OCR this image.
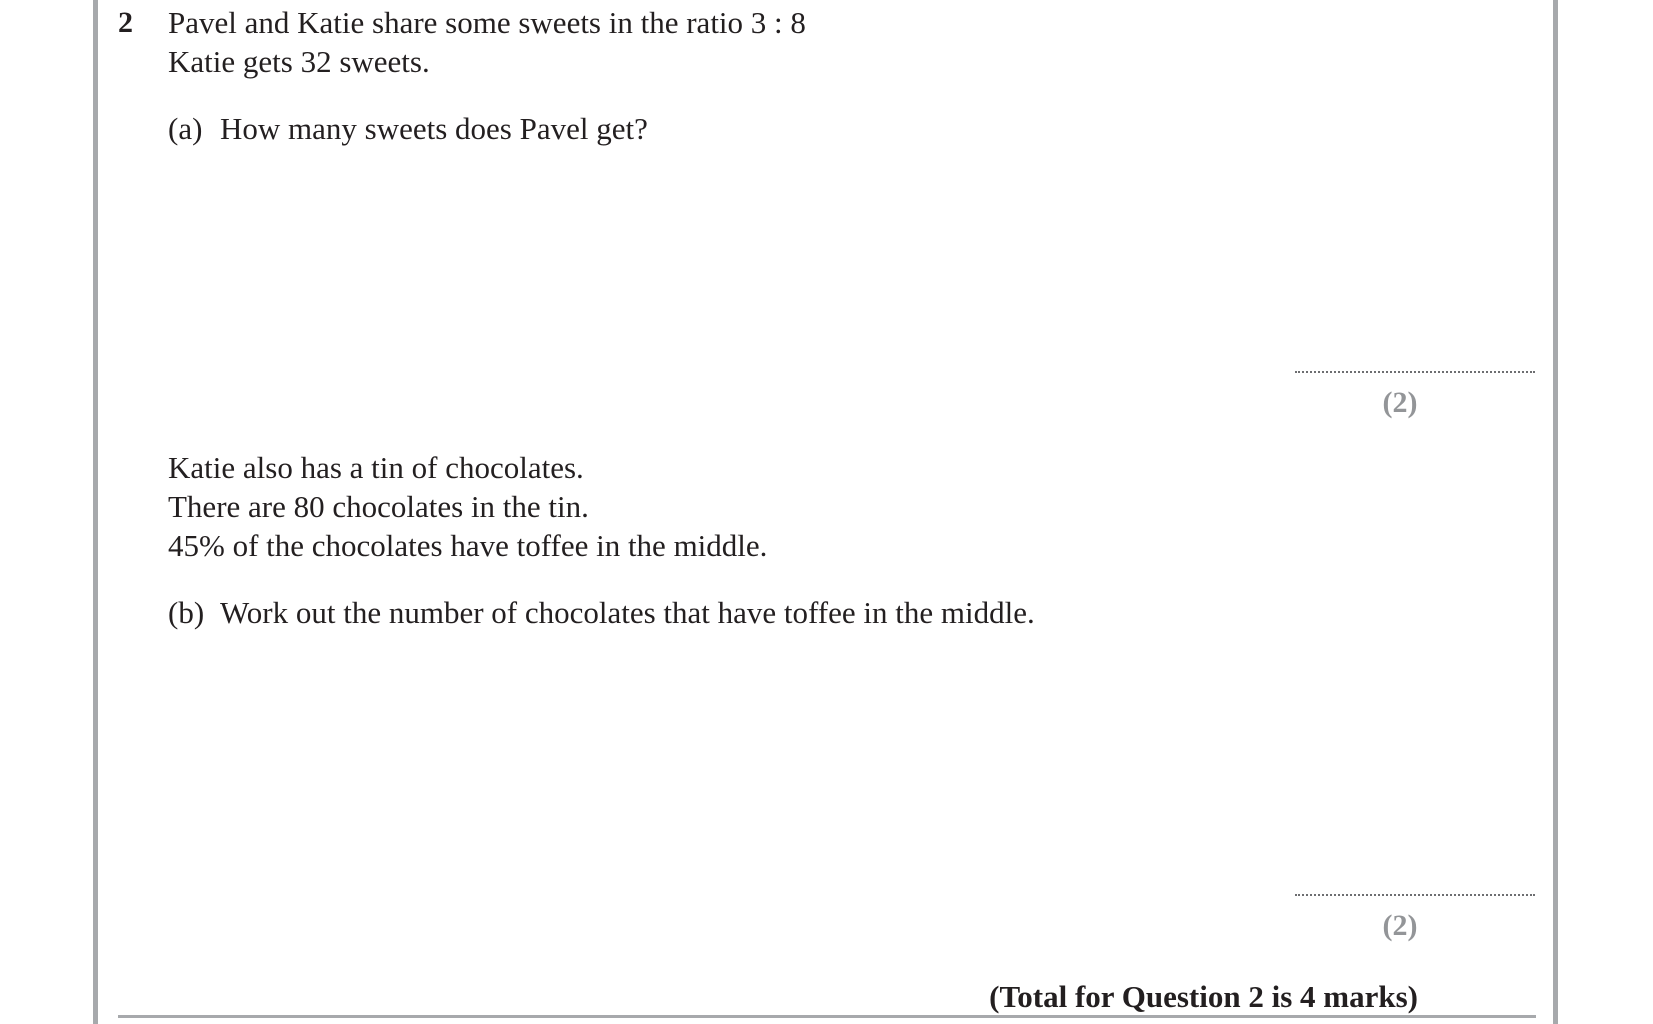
2 Pavel and Katie share some sweets in the ratio 3 : 8
Katie gets 32 sweets.
(a) How many sweets does Pavel get?
(2)
Katie also has a tin of chocolates.
There are 80 chocolates in the tin.
45% of the chocolates have toffee in the middle.
(b) Work out the number of chocolates that have toffee in the middle.
(2)
(Total for Question 2 is 4 marks)
